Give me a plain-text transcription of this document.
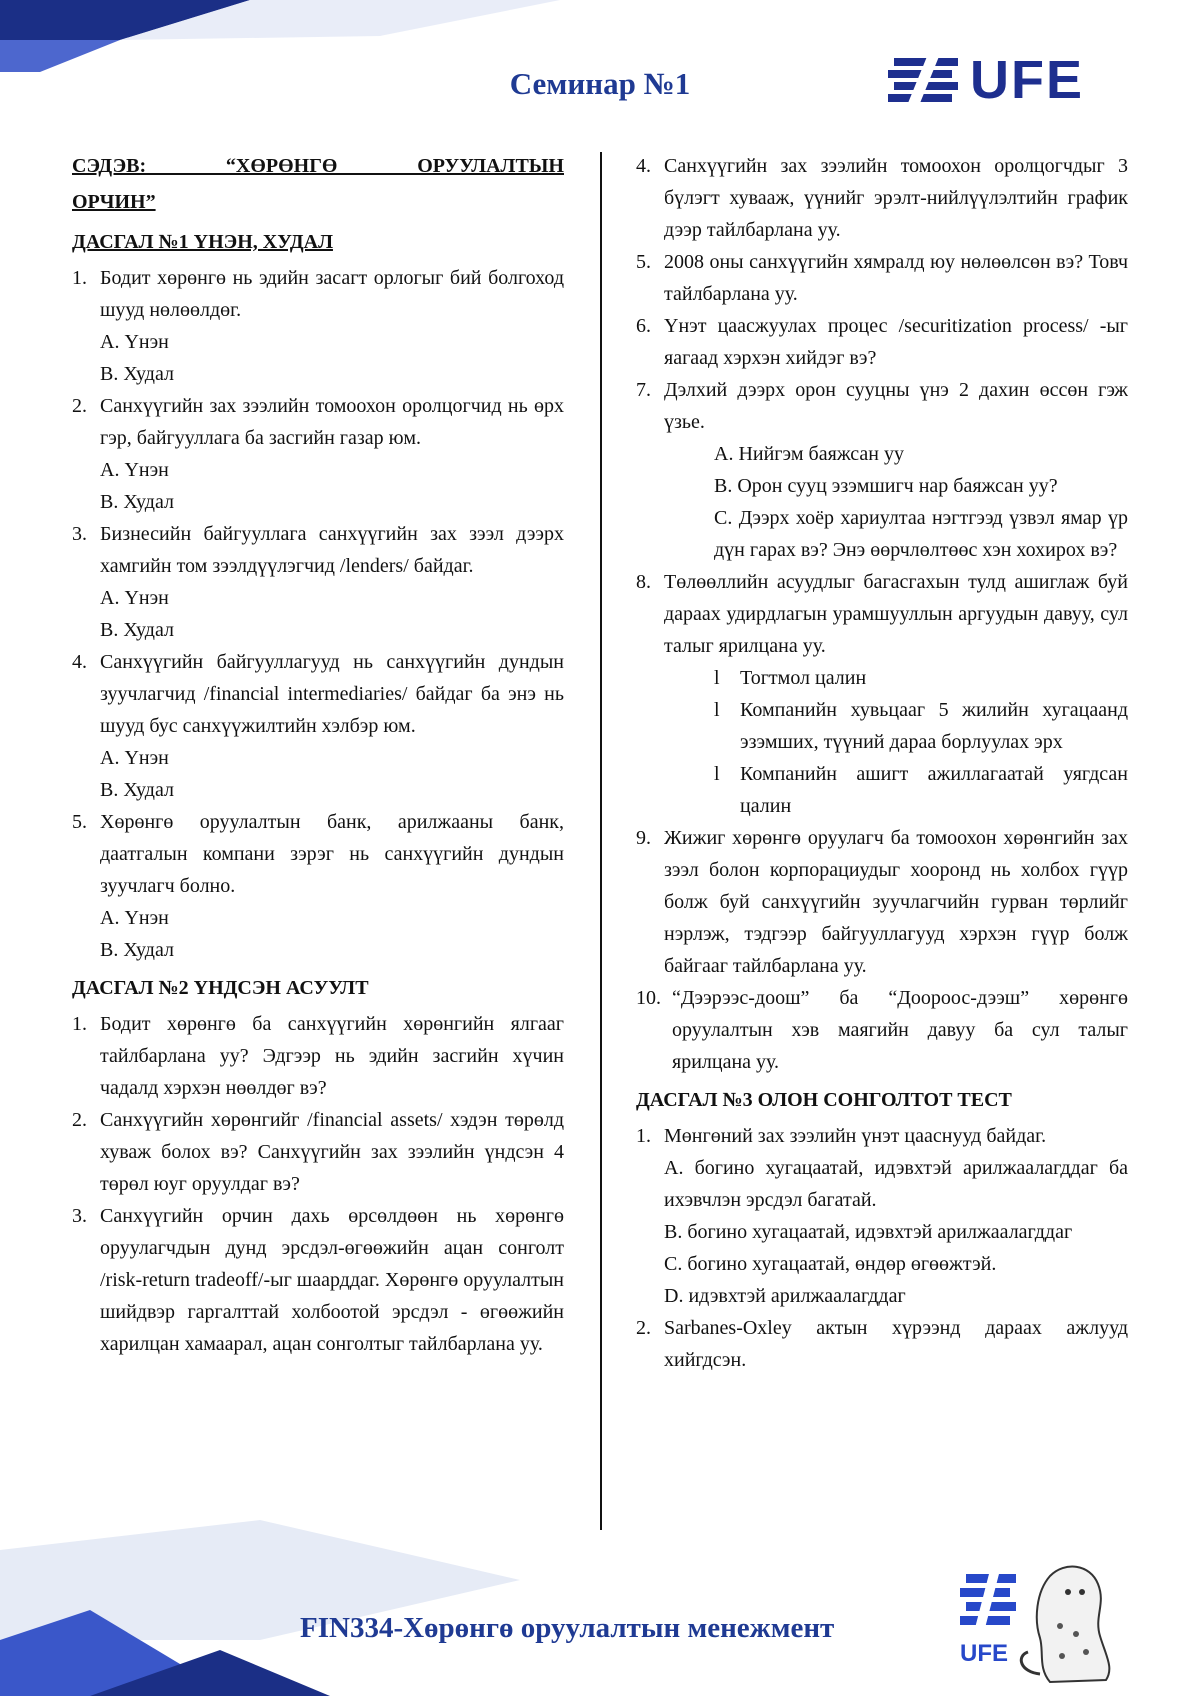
Семинар №1	UFE
СЭДЭВ: “ХӨРӨНГӨ ОРУУЛАЛТЫН
ОРЧИН”
ДАСГАЛ №1 ҮНЭН, ХУДАЛ
1. Бодит хөрөнгө нь эдийн засагт орлогыг бий болгоход шууд нөлөөлдөг.
A. Үнэн
B. Худал
2. Санхүүгийн зах зээлийн томоохон оролцогчид нь өрх гэр, байгууллага ба засгийн газар юм.
A. Үнэн
B. Худал
3. Бизнесийн байгууллага санхүүгийн зах зээл дээрх хамгийн том зээлдүүлэгчид /lenders/ байдаг.
A. Үнэн
B. Худал
4. Санхүүгийн байгууллагууд нь санхүүгийн дундын зуучлагчид /financial intermediaries/ байдаг ба энэ нь шууд бус санхүүжилтийн хэлбэр юм.
A. Үнэн
B. Худал
5. Хөрөнгө оруулалтын банк, арилжааны банк, даатгалын компани зэрэг нь санхүүгийн дундын зуучлагч болно.
A. Үнэн
B. Худал
ДАСГАЛ №2 ҮНДСЭН АСУУЛТ
1. Бодит хөрөнгө ба санхүүгийн хөрөнгийн ялгааг тайлбарлана уу? Эдгээр нь эдийн засгийн хүчин чадалд хэрхэн нөөлдөг вэ?
2. Санхүүгийн хөрөнгийг /financial assets/ хэдэн төрөлд хуваж болох вэ? Санхүүгийн зах зээлийн үндсэн 4 төрөл юуг оруулдаг вэ?
3. Санхүүгийн орчин дахь өрсөлдөөн нь хөрөнгө оруулагчдын дунд эрсдэл-өгөөжийн ацан сонголт /risk-return tradeoff/-ыг шаарддаг. Хөрөнгө оруулалтын шийдвэр гаргалттай холбоотой эрсдэл - өгөөжийн харилцан хамаарал, ацан сонголтыг тайлбарлана уу.
4. Санхүүгийн зах зээлийн томоохон оролцогчдыг 3 бүлэгт хувааж, үүнийг эрэлт-нийлүүлэлтийн график дээр тайлбарлана уу.
5. 2008 оны санхүүгийн хямралд юу нөлөөлсөн вэ? Товч тайлбарлана уу.
6. Үнэт цаасжуулах процес /securitization process/ -ыг яагаад хэрхэн хийдэг вэ?
7. Дэлхий дээрх орон сууцны үнэ 2 дахин өссөн гэж үзье.
A. Нийгэм баяжсан уу
B. Орон сууц эзэмшигч нар баяжсан уу?
C. Дээрх хоёр хариултаа нэгтгээд үзвэл ямар үр дүн гарах вэ? Энэ өөрчлөлтөөс хэн хохирох вэ?
8. Төлөөллийн асуудлыг багасгахын тулд ашиглаж буй дараах удирдлагын урамшууллын аргуудын давуу, сул талыг ярилцана уу.
l	Тогтмол цалин
l	Компанийн хувьцааг 5 жилийн хугацаанд эзэмших, түүний дараа борлуулах эрх
l	Компанийн ашигт ажиллагаатай уягдсан цалин
9. Жижиг хөрөнгө оруулагч ба томоохон хөрөнгийн зах зээл болон корпорациудыг хооронд нь холбох гүүр болж буй санхүүгийн зуучлагчийн гурван төрлийг нэрлэж, тэдгээр байгууллагууд хэрхэн гүүр болж байгааг тайлбарлана уу.
10. “Дээрээс-доош” ба “Доороос-дээш” хөрөнгө оруулалтын хэв маягийн давуу ба сул талыг ярилцана уу.
ДАСГАЛ №3 ОЛОН СОНГОЛТОТ ТЕСТ
1. Мөнгөний зах зээлийн үнэт цааснууд байдаг.
A. богино хугацаатай, идэвхтэй арилжаалагддаг ба ихэвчлэн эрсдэл багатай.
B. богино хугацаатай, идэвхтэй арилжаалагддаг
C. богино хугацаатай, өндөр өгөөжтэй.
D. идэвхтэй арилжаалагддаг
2. Sarbanes-Oxley актын хүрээнд дараах ажлууд хийгдсэн.
FIN334-Хөрөнгө оруулалтын менежмент
UFE
